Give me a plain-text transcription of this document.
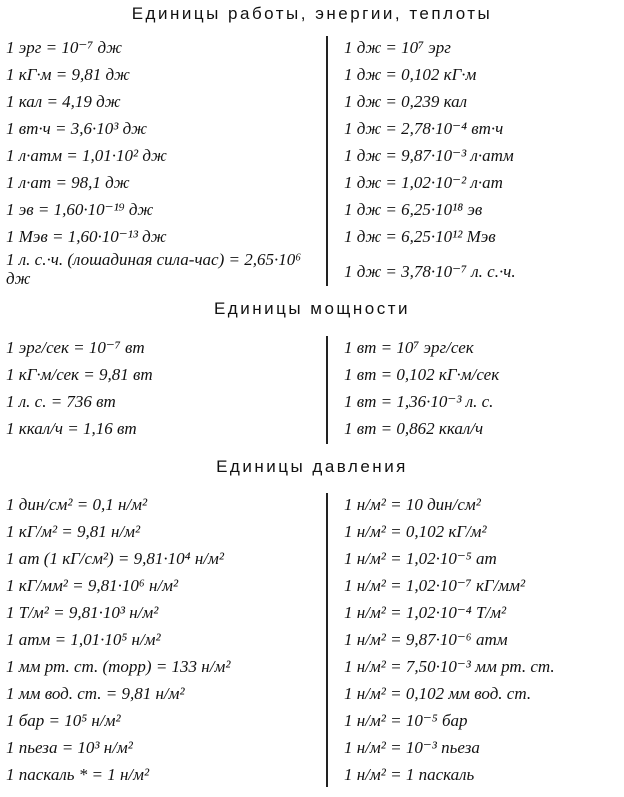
Единицы работы, энергии, теплоты
1 эрг = 10⁻⁷ дж
1 кГ·м = 9,81 дж
1 кал = 4,19 дж
1 вт·ч = 3,6·10³ дж
1 л·атм = 1,01·10² дж
1 л·ат = 98,1 дж
1 эв = 1,60·10⁻¹⁹ дж
1 Мэв = 1,60·10⁻¹³ дж
1 л. с.·ч. (лошадиная сила-час) = 2,65·10⁶ дж
1 дж = 10⁷ эрг
1 дж = 0,102 кГ·м
1 дж = 0,239 кал
1 дж = 2,78·10⁻⁴ вт·ч
1 дж = 9,87·10⁻³ л·атм
1 дж = 1,02·10⁻² л·ат
1 дж = 6,25·10¹⁸ эв
1 дж = 6,25·10¹² Мэв
1 дж = 3,78·10⁻⁷ л. с.·ч.
Единицы мощности
1 эрг/сек = 10⁻⁷ вт
1 кГ·м/сек = 9,81 вт
1 л. с. = 736 вт
1 ккал/ч = 1,16 вт
1 вт = 10⁷ эрг/сек
1 вт = 0,102 кГ·м/сек
1 вт = 1,36·10⁻³ л. с.
1 вт = 0,862 ккал/ч
Единицы давления
1 дин/см² = 0,1 н/м²
1 кГ/м² = 9,81 н/м²
1 ат (1 кГ/см²) = 9,81·10⁴ н/м²
1 кГ/мм² = 9,81·10⁶ н/м²
1 Т/м² = 9,81·10³ н/м²
1 атм = 1,01·10⁵ н/м²
1 мм рт. ст. (торр) = 133 н/м²
1 мм вод. ст. = 9,81 н/м²
1 бар = 10⁵ н/м²
1 пьеза = 10³ н/м²
1 паскаль * = 1 н/м²
1 н/м² = 10 дин/см²
1 н/м² = 0,102 кГ/м²
1 н/м² = 1,02·10⁻⁵ ат
1 н/м² = 1,02·10⁻⁷ кГ/мм²
1 н/м² = 1,02·10⁻⁴ Т/м²
1 н/м² = 9,87·10⁻⁶ атм
1 н/м² = 7,50·10⁻³ мм рт. ст.
1 н/м² = 0,102 мм вод. ст.
1 н/м² = 10⁻⁵ бар
1 н/м² = 10⁻³ пьеза
1 н/м² = 1 паскаль
